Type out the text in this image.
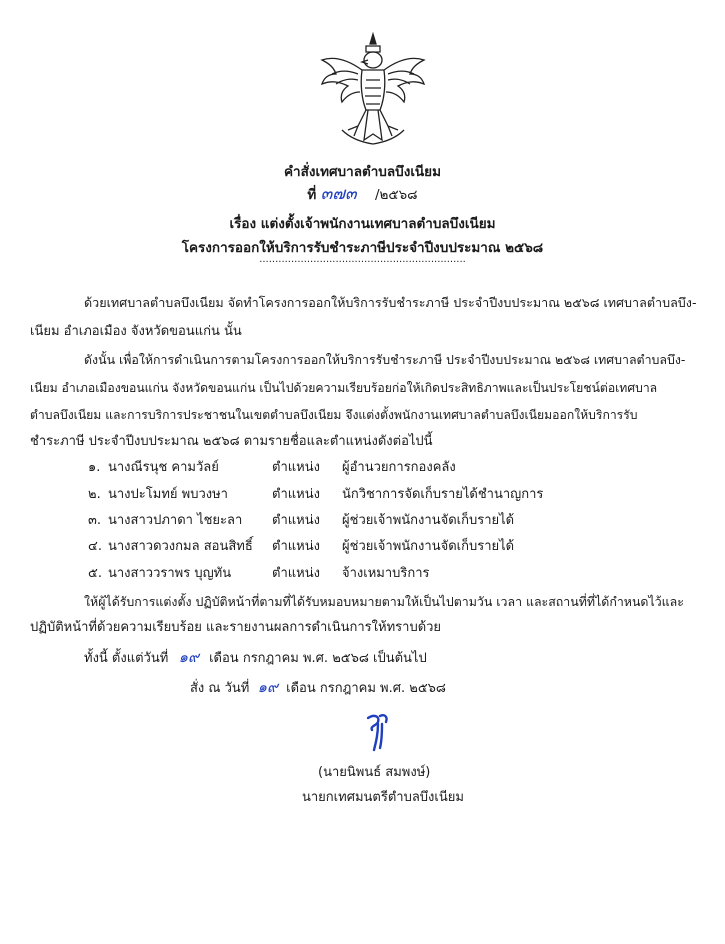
คำสั่งเทศบาลตำบลบึงเนียม
ที่ ๓๗๓ /๒๕๖๘
เรื่อง แต่งตั้งเจ้าพนักงานเทศบาลตำบลบึงเนียม
โครงการออกให้บริการรับชำระภาษีประจำปีงบประมาณ ๒๕๖๘
.................................................................
ด้วยเทศบาลตำบลบึงเนียม จัดทำโครงการออกให้บริการรับชำระภาษี ประจำปีงบประมาณ ๒๕๖๘ เทศบาลตำบลบึง-
เนียม อำเภอเมือง จังหวัดขอนแก่น นั้น
ดังนั้น เพื่อให้การดำเนินการตามโครงการออกให้บริการรับชำระภาษี ประจำปีงบประมาณ ๒๕๖๘ เทศบาลตำบลบึง-
เนียม อำเภอเมืองขอนแก่น จังหวัดขอนแก่น เป็นไปด้วยความเรียบร้อยก่อให้เกิดประสิทธิภาพและเป็นประโยชน์ต่อเทศบาล
ตำบลบึงเนียม และการบริการประชาชนในเขตตำบลบึงเนียม จึงแต่งตั้งพนักงานเทศบาลตำบลบึงเนียมออกให้บริการรับ
ชำระภาษี ประจำปีงบประมาณ ๒๕๖๘ ตามรายชื่อและตำแหน่งดังต่อไปนี้
๑. นางณีรนุช คามวัลย์	ตำแหน่ง ผู้อำนวยการกองคลัง
๒. นางปะโมทย์ พบวงษา	ตำแหน่ง นักวิชาการจัดเก็บรายได้ชำนาญการ
๓. นางสาวปภาดา ไชยะลา ตำแหน่ง ผู้ช่วยเจ้าพนักงานจัดเก็บรายได้
๔. นางสาวดวงกมล สอนสิทธิ์ ตำแหน่ง ผู้ช่วยเจ้าพนักงานจัดเก็บรายได้
๕. นางสาววราพร บุญทัน	ตำแหน่ง จ้างเหมาบริการ
ให้ผู้ได้รับการแต่งตั้ง ปฏิบัติหน้าที่ตามที่ได้รับหมอบหมายตามให้เป็นไปตามวัน เวลา และสถานที่ที่ได้กำหนดไว้และ
ปฏิบัติหน้าที่ด้วยความเรียบร้อย และรายงานผลการดำเนินการให้ทราบด้วย
ทั้งนี้ ตั้งแต่วันที่ ๑๙ เดือน กรกฎาคม พ.ศ. ๒๕๖๘ เป็นต้นไป
สั่ง ณ วันที่ ๑๙ เดือน กรกฎาคม พ.ศ. ๒๕๖๘
(นายนิพนธ์ สมพงษ์)
นายกเทศมนตรีตำบลบึงเนียม
